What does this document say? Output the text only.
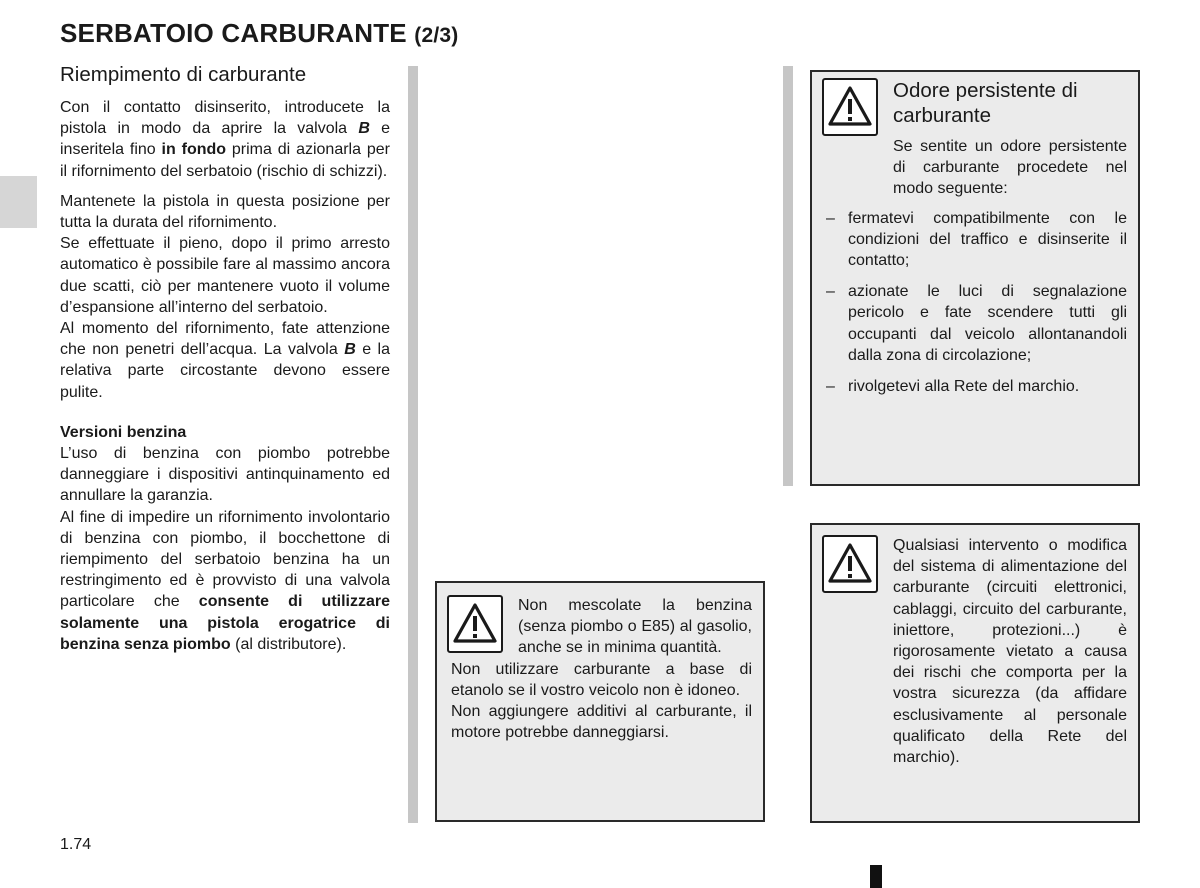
SERBATOIO CARBURANTE (2/3)
Riempimento di carburante

Con il contatto disinserito, introducete la pistola in modo da aprire la valvola B e inseritela fino in fondo prima di azionarla per il rifornimento del serbatoio (rischio di schizzi).

Mantenete la pistola in questa posizione per tutta la durata del rifornimento.

Se effettuate il pieno, dopo il primo arresto automatico è possibile fare al massimo ancora due scatti, ciò per mantenere vuoto il volume d’espansione all’interno del serbatoio.

Al momento del rifornimento, fate attenzione che non penetri dell’acqua. La valvola B e la relativa parte circostante devono essere pulite.

Versioni benzina

L’uso di benzina con piombo potrebbe danneggiare i dispositivi antinquinamento ed annullare la garanzia.

Al fine di impedire un rifornimento involontario di benzina con piombo, il bocchettone di riempimento del serbatoio benzina ha un restringimento ed è provvisto di una valvola particolare che consente di utilizzare solamente una pistola erogatrice di benzina senza piombo (al distributore).

Non mescolate la benzina (senza piombo o E85) al gasolio, anche se in minima quantità.

Non utilizzare carburante a base di etanolo se il vostro veicolo non è idoneo.

Non aggiungere additivi al carburante, il motore potrebbe danneggiarsi.

Odore persistente di carburante

Se sentite un odore persistente di carburante procedete nel modo seguente:

– fermatevi compatibilmente con le condizioni del traffico e disinserite il contatto;
– azionate le luci di segnalazione pericolo e fate scendere tutti gli occupanti dal veicolo allontanandoli dalla zona di circolazione;
– rivolgetevi alla Rete del marchio.

Qualsiasi intervento o modifica del sistema di alimentazione del carburante (circuiti elettronici, cablaggi, circuito del carburante, iniettore, protezioni...) è rigorosamente vietato a causa dei rischi che comporta per la vostra sicurezza (da affidare esclusivamente al personale qualificato della Rete del marchio).

1.74
